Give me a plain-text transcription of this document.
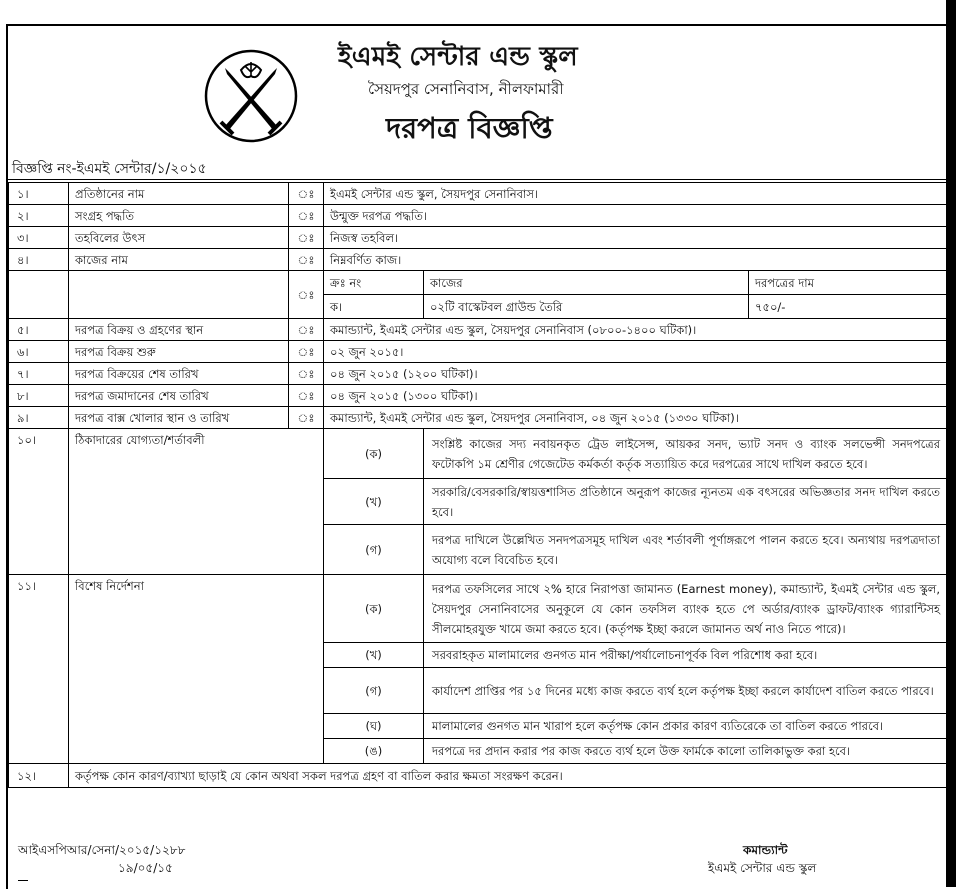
ইএমই সেন্টার এন্ড স্কুল
সৈয়দপুর সেনানিবাস, নীলফামারী
দরপত্র বিজ্ঞপ্তি
বিজ্ঞপ্তি নং-ইএমই সেন্টার/১/২০১৫
১।	প্রতিষ্ঠানের নাম	ঃ	ইএমই সেন্টার এন্ড স্কুল, সৈয়দপুর সেনানিবাস।		
২।	সংগ্রহ পদ্ধতি	ঃ	উন্মুক্ত দরপত্র পদ্ধতি।		
৩।	তহবিলের উৎস	ঃ	নিজস্ব তহবিল।		
৪।	কাজের নাম	ঃ	নিম্নবর্ণিত কাজ।		
		ঃ	ক্রঃ নং	কাজের	দরপত্রের দাম
			ক।	০২টি বাস্কেটবল গ্রাউন্ড তৈরি	৭৫০/-
৫।	দরপত্র বিক্রয় ও গ্রহণের স্থান	ঃ	কমান্ড্যান্ট, ইএমই সেন্টার এন্ড স্কুল, সৈয়দপুর সেনানিবাস (০৮০০-১৪০০ ঘটিকা)।		
৬।	দরপত্র বিক্রয় শুরু	ঃ	০২ জুন ২০১৫।		
৭।	দরপত্র বিক্রয়ের শেষ তারিখ	ঃ	০৪ জুন ২০১৫ (১২০০ ঘটিকা)।		
৮।	দরপত্র জমাদানের শেষ তারিখ	ঃ	০৪ জুন ২০১৫ (১৩০০ ঘটিকা)।		
৯।	দরপত্র বাক্স খোলার স্থান ও তারিখ	ঃ	কমান্ড্যান্ট, ইএমই সেন্টার এন্ড স্কুল, সৈয়দপুর সেনানিবাস, ০৪ জুন ২০১৫ (১৩৩০ ঘটিকা)।		
১০।	ঠিকাদারের যোগ্যতা/শর্তাবলী		(ক)	সংশ্লিষ্ট কাজের সদ্য নবায়নকৃত ট্রেড লাইসেন্স, আয়কর সনদ, ভ্যাট সনদ ও ব্যাংক সলভেন্সী সনদপত্রের ফটোকপি ১ম শ্রেণীর গেজেটেড কর্মকর্তা কর্তৃক সত্যায়িত করে দরপত্রের সাথে দাখিল করতে হবে।	
			(খ)	সরকারি/বেসরকারি/স্বায়ত্তশাসিত প্রতিষ্ঠানে অনুরূপ কাজের ন্যূনতম এক বৎসরের অভিজ্ঞতার সনদ দাখিল করতে হবে।	
			(গ)	দরপত্র দাখিলে উল্লেখিত সনদপত্রসমূহ দাখিল এবং শর্তাবলী পূর্ণাঙ্গরূপে পালন করতে হবে। অন্যথায় দরপত্রদাতা অযোগ্য বলে বিবেচিত হবে।	
১১।	বিশেষ নির্দেশনা		(ক)	দরপত্র তফসিলের সাথে ২% হারে নিরাপত্তা জামানত (Earnest money), কমান্ড্যান্ট, ইএমই সেন্টার এন্ড স্কুল, সৈয়দপুর সেনানিবাসের অনুকূলে যে কোন তফসিল ব্যাংক হতে পে অর্ডার/ব্যাংক ড্রাফট/ব্যাংক গ্যারান্টিসহ সীলমোহরযুক্ত খামে জমা করতে হবে। (কর্তৃপক্ষ ইচ্ছা করলে জামানত অর্থ নাও নিতে পারে)।	
			(খ)	সরবরাহকৃত মালামালের গুনগত মান পরীক্ষা/পর্যালোচনাপূর্বক বিল পরিশোধ করা হবে।	
			(গ)	কার্যাদেশ প্রাপ্তির পর ১৫ দিনের মধ্যে কাজ করতে ব্যর্থ হলে কর্তৃপক্ষ ইচ্ছা করলে কার্যাদেশ বাতিল করতে পারবে।	
			(ঘ)	মালামালের গুনগত মান খারাপ হলে কর্তৃপক্ষ কোন প্রকার কারণ ব্যতিরেকে তা বাতিল করতে পারবে।	
			(ঙ)	দরপত্রে দর প্রদান করার পর কাজ করতে ব্যর্থ হলে উক্ত ফার্মকে কালো তালিকাভুক্ত করা হবে।	
১২।	কর্তৃপক্ষ কোন কারণ/ব্যাখ্যা ছাড়াই যে কোন অথবা সকল দরপত্র গ্রহণ বা বাতিল করার ক্ষমতা সংরক্ষণ করেন।				
আইএসপিআর/সেনা/২০১৫/১২৮৮
১৯/০৫/১৫
কমান্ড্যান্ট
ইএমই সেন্টার এন্ড স্কুল
